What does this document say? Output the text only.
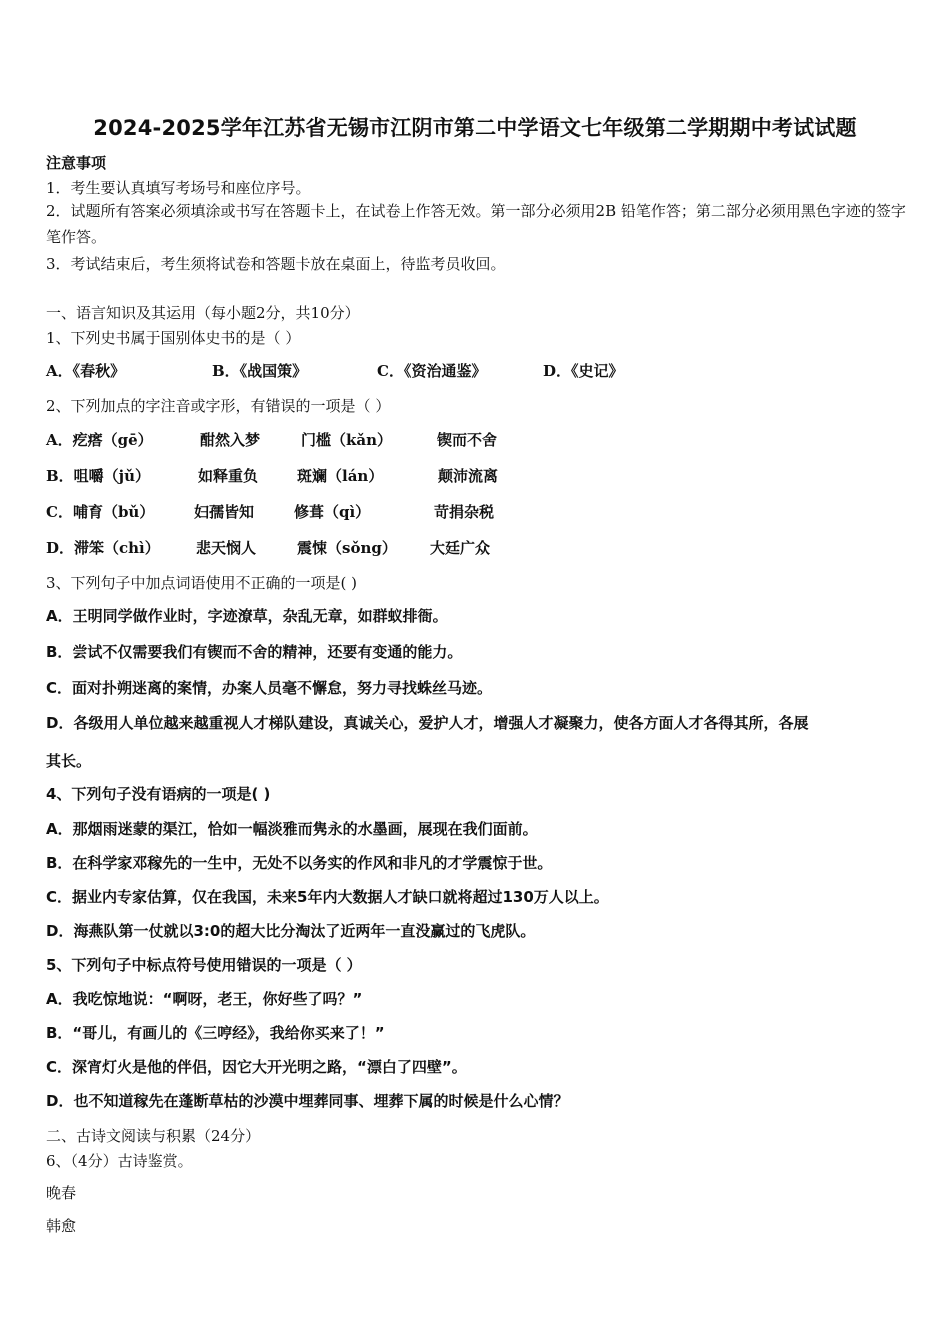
2024-2025学年江苏省无锡市江阴市第二中学语文七年级第二学期期中考试试题
注意事项
1．考生要认真填写考场号和座位序号。
2．试题所有答案必须填涂或书写在答题卡上，在试卷上作答无效。第一部分必须用2B 铅笔作答；第二部分必须用黑色字迹的签字笔作答。
3．考试结束后，考生须将试卷和答题卡放在桌面上，待监考员收回。
一、语言知识及其运用（每小题2分，共10分）
1、下列史书属于国别体史书的是（ ）
A．《春秋》	B．《战国策》	C．《资治通鉴》	D．《史记》
2、下列加点的字注音或字形，有错误的一项是（ ）
A．疙瘩（gē）	酣然入梦	门槛（kǎn）	锲而不舍
B．咀嚼（jǔ）	如释重负	斑斓（lán）	颠沛流离
C．哺育（bǔ）	妇孺皆知	修葺（qì）	苛捐杂税
D．滞笨（chì） 悲天悯人	震悚（sǒng） 大廷广众
3、下列句子中加点词语使用不正确的一项是( )
A．王明同学做作业时，字迹潦草，杂乱无章，如群蚁排衙。
B．尝试不仅需要我们有锲而不舍的精神，还要有变通的能力。
C．面对扑朔迷离的案情，办案人员毫不懈怠，努力寻找蛛丝马迹。
D．各级用人单位越来越重视人才梯队建设，真诚关心，爱护人才，增强人才凝聚力，使各方面人才各得其所，各展
其长。
4、下列句子没有语病的一项是( )
A．那烟雨迷蒙的渠江，恰如一幅淡雅而隽永的水墨画，展现在我们面前。
B．在科学家邓稼先的一生中，无处不以务实的作风和非凡的才学震惊于世。
C．据业内专家估算，仅在我国，未来5年内大数据人才缺口就将超过130万人以上。
D．海燕队第一仗就以3:0的超大比分淘汰了近两年一直没赢过的飞虎队。
5、下列句子中标点符号使用错误的一项是（ ）
A．我吃惊地说：“啊呀，老王，你好些了吗？”
B．“哥儿，有画儿的《三哼经》，我给你买来了！”
C．深宵灯火是他的伴侣，因它大开光明之路，“漂白了四壁”。
D．也不知道稼先在蓬断草枯的沙漠中埋葬同事、埋葬下属的时候是什么心情？
二、古诗文阅读与积累（24分）
6、（4分）古诗鉴赏。
晚春
韩愈
